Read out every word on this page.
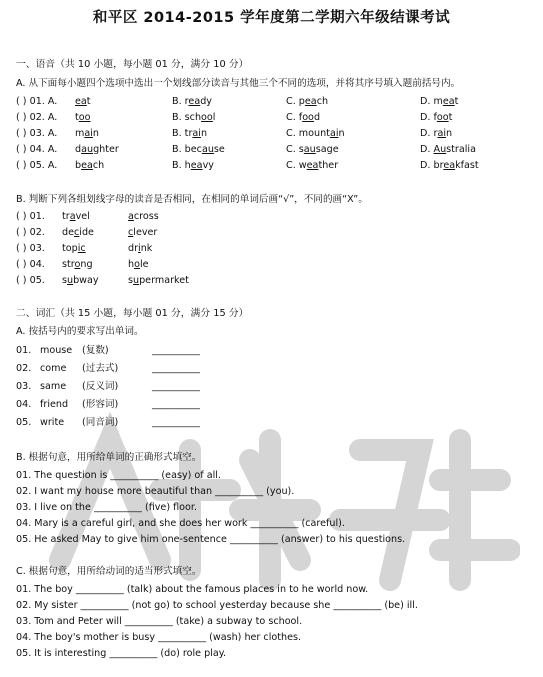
和平区 2014-2015 学年度第二学期六年级结课考试
一、语音（共 10 小题，每小题 01 分，满分 10 分）
A. 从下面每小题四个选项中选出一个划线部分读音与其他三个不同的选项，并将其序号填入题前括号内。
( ) 01. A. eat	B. ready	C. peach	D. meat
( ) 02. A. too	B. school	C. food	D. foot
( ) 03. A. main	B. train	C. mountain	D. rain
( ) 04. A. daughter	B. because	C. sausage	D. Australia
( ) 05. A. beach	B. heavy	C. weather	D. breakfast
B. 判断下列各组划线字母的读音是否相同，在相同的单词后画“√”，不同的画“X”。
( ) 01. travel	across
( ) 02. decide	clever
( ) 03. topic	drink
( ) 04. strong	hole
( ) 05. subway	supermarket
二、词汇（共 15 小题，每小题 01 分，满分 15 分）
A. 按括号内的要求写出单词。
01. mouse (复数)	__________
02. come (过去式)	__________
03. same (反义词)	__________
04. friend (形容词)	__________
05. write (同音词)	__________
B. 根据句意，用所给单词的正确形式填空。
01. The question is __________ (easy) of all.
02. I want my house more beautiful than __________ (you).
03. I live on the __________ (five) floor.
04. Mary is a careful girl, and she does her work __________ (careful).
05. He asked May to give him one-sentence __________ (answer) to his questions.
C. 根据句意，用所给动词的适当形式填空。
01. The boy __________ (talk) about the famous places in to he world now.
02. My sister __________ (not go) to school yesterday because she __________ (be) ill.
03. Tom and Peter will __________ (take) a subway to school.
04. The boy's mother is busy __________ (wash) her clothes.
05. It is interesting __________ (do) role play.
